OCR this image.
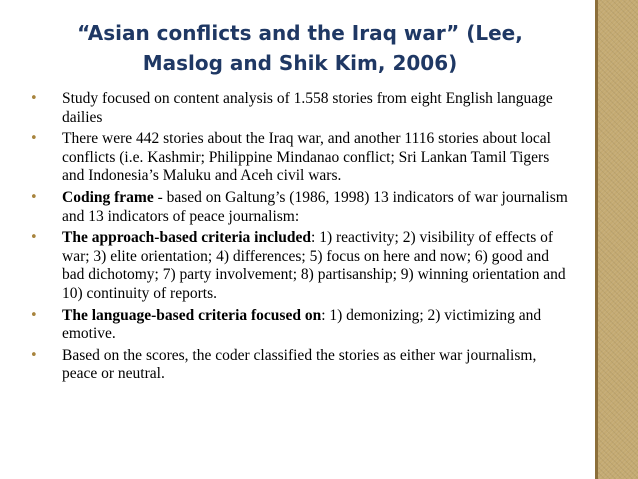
“Asian conflicts and the Iraq war” (Lee, Maslog and Shik Kim, 2006)
• Study focused on content analysis of 1.558 stories from eight English language dailies
• There were 442 stories about the Iraq war, and another 1116 stories about local conflicts (i.e. Kashmir; Philippine Mindanao conflict; Sri Lankan Tamil Tigers and Indonesia’s Maluku and Aceh civil wars.
• Coding frame - based on Galtung’s (1986, 1998) 13 indicators of war journalism and 13 indicators of peace journalism:
• The approach-based criteria included: 1) reactivity; 2) visibility of effects of war; 3) elite orientation; 4) differences; 5) focus on here and now; 6) good and bad dichotomy; 7) party involvement; 8) partisanship; 9) winning orientation and 10) continuity of reports.
• The language-based criteria focused on: 1) demonizing; 2) victimizing and emotive.
• Based on the scores, the coder classified the stories as either war journalism, peace or neutral.
